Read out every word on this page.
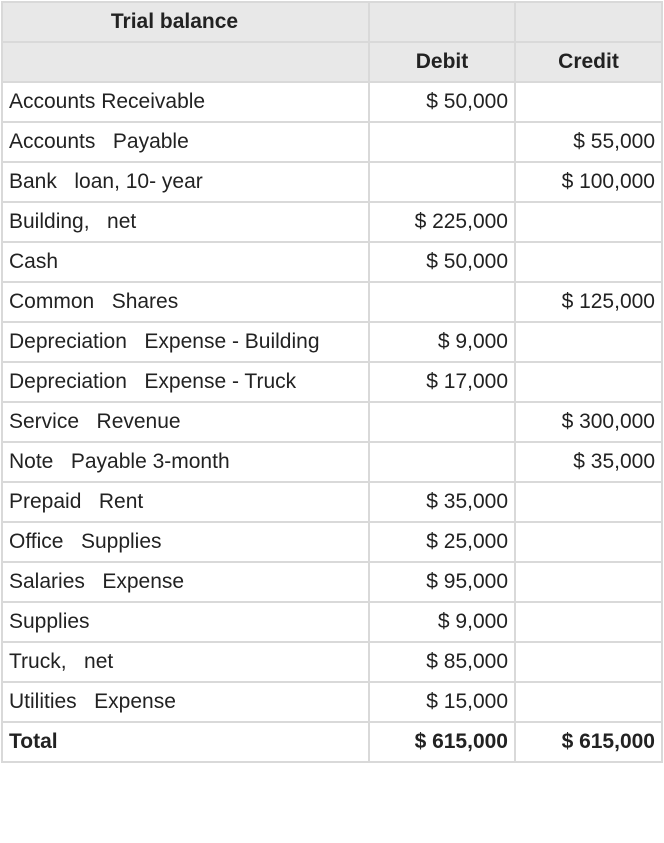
Trial balance		
	Debit	Credit
Accounts Receivable	$ 50,000	
Accounts   Payable		$ 55,000
Bank   loan, 10- year		$ 100,000
Building,   net	$ 225,000	
Cash	$ 50,000	
Common   Shares		$ 125,000
Depreciation   Expense - Building	$ 9,000	
Depreciation   Expense - Truck	$ 17,000	
Service   Revenue		$ 300,000
Note   Payable 3-month		$ 35,000
Prepaid   Rent	$ 35,000	
Office   Supplies	$ 25,000	
Salaries   Expense	$ 95,000	
Supplies	$ 9,000	
Truck,   net	$ 85,000	
Utilities   Expense	$ 15,000	
Total	$ 615,000	$ 615,000
